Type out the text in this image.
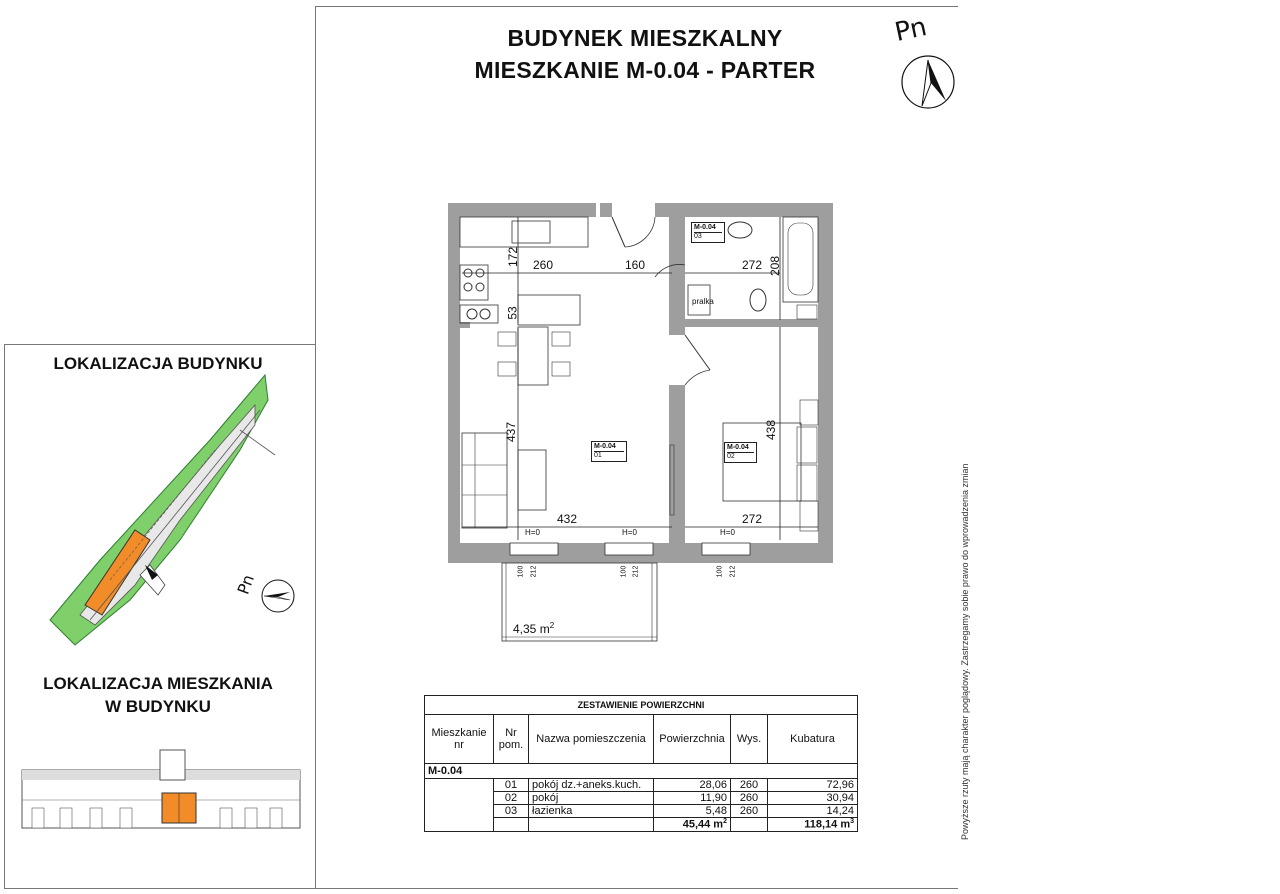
BUDYNEK MIESZKALNY
MIESZKANIE M-0.04 - PARTER
Pn
LOKALIZACJA BUDYNKU
LOKALIZACJA MIESZKANIA
W BUDYNKU
Pn
260	160	272 208
172
53
437
432
438
272
H=0	H=0	H=0
100 212	100 212	100 212
M-0.04
01
M-0.04
02
M-0.04
03
pralka
4,35 $m^2$
ZESTAWIENIE POWIERZCHNI					
Mieszkanie nr	Nr pom.	Nazwa pomieszczenia	Powierzchnia	Wys.	Kubatura
M-0.04					
	01	pokój dz.+aneks.kuch.	28,06	260	72,96
	02	pokój	11,90	260	30,94
	03	łazienka	5,48	260	14,24
			45,44 $m^2$		118,14 $m^3$	Powyższe rzuty mają charakter poglądowy. Zastrzegamy sobie prawo do wprowadzenia zmian
